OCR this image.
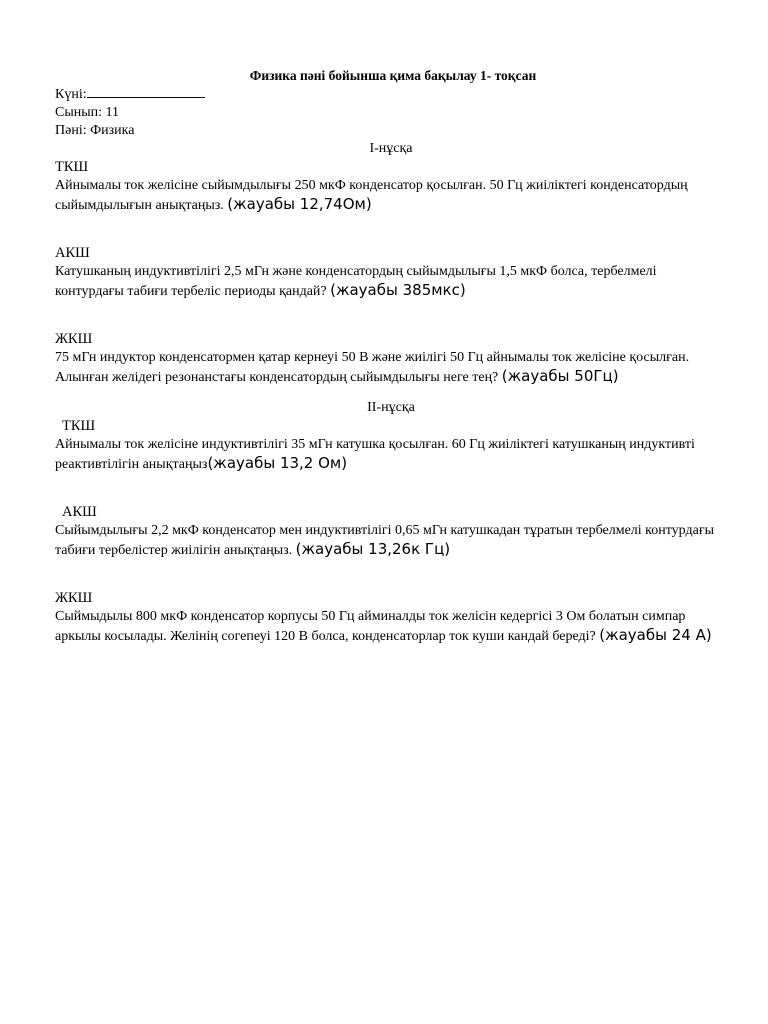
Физика пәні бойынша қима бақылау 1- тоқсан
Күні:
Сынып: 11
Пәні: Физика
I-нұсқа
ТКШ
Айнымалы ток желісіне сыйымдылығы 250 мкФ конденсатор қосылған. 50 Гц жиіліктегі конденсатордың сыйымдылығын анықтаңыз. (жауабы 12,74Ом)
АКШ
Катушканың индуктивтілігі 2,5 мГн және конденсатордың сыйымдылығы 1,5 мкФ болса, тербелмелі контурдағы табиғи тербеліс периоды қандай? (жауабы 385мкс)
ЖКШ
75 мГн индуктор конденсатормен қатар кернеуі 50 В және жиілігі 50 Гц айнымалы ток желісіне қосылған. Алынған желідегі резонанстағы конденсатордың сыйымдылығы неге тең? (жауабы 50Гц)
II-нұсқа
ТКШ
Айнымалы ток желісіне индуктивтілігі 35 мГн катушка қосылған. 60 Гц жиіліктегі катушканың индуктивті реактивтілігін анықтаңыз(жауабы 13,2 Ом)
АКШ
Сыйымдылығы 2,2 мкФ конденсатор мен индуктивтілігі 0,65 мГн катушкадан тұратын тербелмелі контурдағы табиғи тербелістер жиілігін анықтаңыз. (жауабы 13,26к Гц)
ЖКШ
Сыймыдылы 800 мкФ конденсатор корпусы 50 Гц айминалды ток желісін кедергісі 3 Ом болатын симпар аркылы косылады. Желінің согепеуі 120 В болса, конденсаторлар ток куши кандай береді? (жауабы 24 А)
